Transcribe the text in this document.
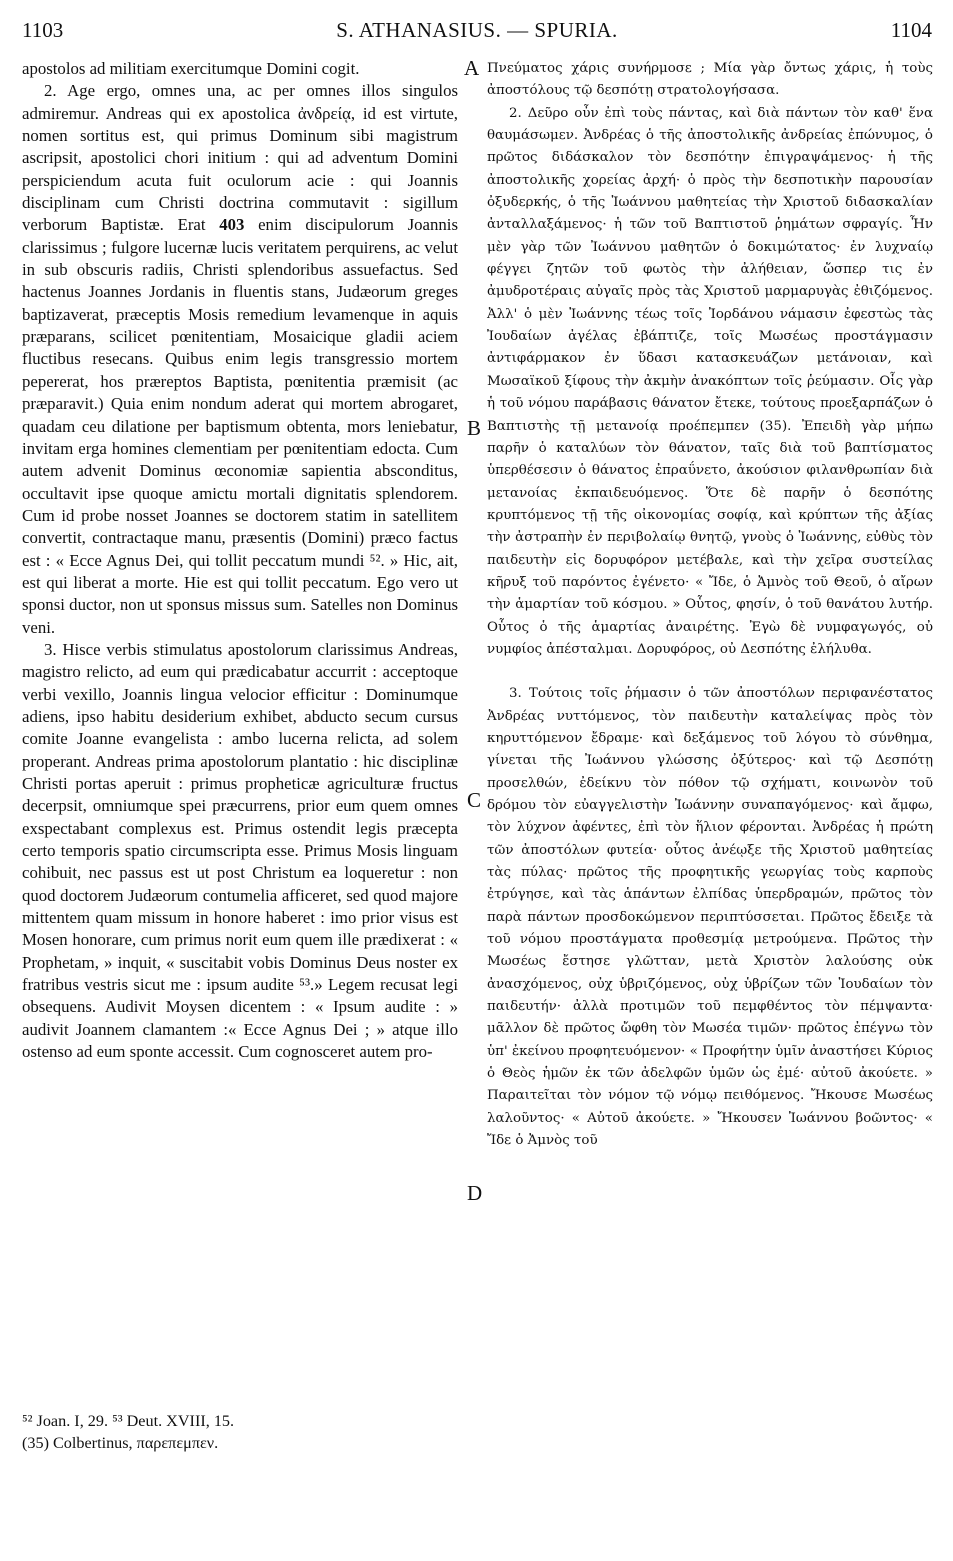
1103	S. ATHANASIUS. — SPURIA.	1104

apostolos ad militiam exercitumque Domini cogit.

2. Age ergo, omnes una, ac per omnes illos singulos admiremur. Andreas qui ex apostolica ἀνδρείᾳ, id est virtute, nomen sortitus est, qui primus Dominum sibi magistrum ascripsit, apostolici chori initium : qui ad adventum Domini perspiciendum acuta fuit oculorum acie : qui Joannis disciplinam cum Christi doctrina commutavit : sigillum verborum Baptistæ. Erat 403 enim discipulorum Joannis clarissimus ; fulgore lucernæ lucis veritatem perquirens, ac velut in sub obscuris radiis, Christi splendoribus assuefactus. Sed hactenus Joannes Jordanis in fluentis stans, Judæorum greges baptizaverat, præceptis Mosis remedium levamenque in aquis præparans, scilicet pœnitentiam, Mosaicique gladii aciem fluctibus resecans. Quibus enim legis transgressio mortem pepererat, hos præreptos Baptista, pœnitentia præmisit (ac præparavit.) Quia enim nondum aderat qui mortem abrogaret, quadam ceu dilatione per baptismum obtenta, mors leniebatur, invitam erga homines clementiam per pœnitentiam edocta. Cum autem advenit Dominus œconomiæ sapientia absconditus, occultavit ipse quoque amictu mortali dignitatis splendorem. Cum id probe nosset Joannes se doctorem statim in satellitem convertit, contractaque manu, præsentis (Domini) præco factus est : « Ecce Agnus Dei, qui tollit peccatum mundi ⁵². » Hic, ait, est qui liberat a morte. Hie est qui tollit peccatum. Ego vero ut sponsi ductor, non ut sponsus missus sum. Satelles non Dominus veni.

3. Hisce verbis stimulatus apostolorum clarissimus Andreas, magistro relicto, ad eum qui prædicabatur accurrit : acceptoque verbi vexillo, Joannis lingua velocior efficitur : Dominumque adiens, ipso habitu desiderium exhibet, abducto secum cursus comite Joanne evangelista : ambo lucerna relicta, ad solem properant. Andreas prima apostolorum plantatio : hic disciplinæ Christi portas aperuit : primus propheticæ agriculturæ fructus decerpsit, omniumque spei præcurrens, prior eum quem omnes exspectabant complexus est. Primus ostendit legis præcepta certo temporis spatio circumscripta esse. Primus Mosis linguam cohibuit, nec passus est ut post Christum ea loqueretur : non quod doctorem Judæorum contumelia afficeret, sed quod majore mittentem quam missum in honore haberet : imo prior visus est Mosen honorare, cum primus norit eum quem ille prædixerat : « Prophetam, » inquit, « suscitabit vobis Dominus Deus noster ex fratribus vestris sicut me : ipsum audite ⁵³.» Legem recusat legi obsequens. Audivit Moysen dicentem : « Ipsum audite : » audivit Joannem clamantem :« Ecce Agnus Dei ; » atque illo ostenso ad eum sponte accessit. Cum cognosceret autem pro-

Πνεύματος χάρις συνήρμοσε ; Μία γὰρ ὄντως χάρις, ἡ τοὺς ἀποστόλους τῷ δεσπότῃ στρατολογήσασα.

2. Δεῦρο οὖν ἐπὶ τοὺς πάντας, καὶ διὰ πάντων τὸν καθ' ἕνα θαυμάσωμεν. Ἀνδρέας ὁ τῆς ἀποστολικῆς ἀνδρείας ἐπώνυμος, ὁ πρῶτος διδάσκαλον τὸν δεσπότην ἐπιγραψάμενος· ἡ τῆς ἀποστολικῆς χορείας ἀρχή· ὁ πρὸς τὴν δεσποτικὴν παρουσίαν ὀξυδερκής, ὁ τῆς Ἰωάννου μαθητείας τὴν Χριστοῦ διδασκαλίαν ἀνταλλαξάμενος· ἡ τῶν τοῦ Βαπτιστοῦ ῥημάτων σφραγίς. Ἦν μὲν γὰρ τῶν Ἰωάννου μαθητῶν ὁ δοκιμώτατος· ἐν λυχναίῳ φέγγει ζητῶν τοῦ φωτὸς τὴν ἀλήθειαν, ὥσπερ τις ἐν ἀμυδροτέραις αὐγαῖς πρὸς τὰς Χριστοῦ μαρμαρυγὰς ἐθιζόμενος. Ἀλλ' ὁ μὲν Ἰωάννης τέως τοῖς Ἰορδάνου νάμασιν ἐφεστὼς τὰς Ἰουδαίων ἀγέλας ἐβάπτιζε, τοῖς Μωσέως προστάγμασιν ἀντιφάρμακον ἐν ὕδασι κατασκευάζων μετάνοιαν, καὶ Μωσαϊκοῦ ξίφους τὴν ἀκμὴν ἀνακόπτων τοῖς ῥεύμασιν. Οἷς γὰρ ἡ τοῦ νόμου παράβασις θάνατον ἔτεκε, τούτους προεξαρπάζων ὁ Βαπτιστὴς τῇ μετανοίᾳ προέπεμπεν (35). Ἐπειδὴ γὰρ μήπω παρῆν ὁ καταλύων τὸν θάνατον, ταῖς διὰ τοῦ βαπτίσματος ὑπερθέσεσιν ὁ θάνατος ἐπραΰνετο, ἀκούσιον φιλανθρωπίαν διὰ μετανοίας ἐκπαιδευόμενος. Ὅτε δὲ παρῆν ὁ δεσπότης κρυπτόμενος τῇ τῆς οἰκονομίας σοφίᾳ, καὶ κρύπτων τῆς ἀξίας τὴν ἀστραπὴν ἐν περιβολαίῳ θνητῷ, γνοὺς ὁ Ἰωάννης, εὐθὺς τὸν παιδευτὴν εἰς δορυφόρον μετέβαλε, καὶ τὴν χεῖρα συστείλας κῆρυξ τοῦ παρόντος ἐγένετο· « Ἴδε, ὁ Ἀμνὸς τοῦ Θεοῦ, ὁ αἴρων τὴν ἁμαρτίαν τοῦ κόσμου. » Οὗτος, φησίν, ὁ τοῦ θανάτου λυτήρ. Οὗτος ὁ τῆς ἁμαρτίας ἀναιρέτης. Ἐγὼ δὲ νυμφαγωγός, οὐ νυμφίος ἀπέσταλμαι. Δορυφόρος, οὐ Δεσπότης ἐλήλυθα.

3. Τούτοις τοῖς ῥήμασιν ὁ τῶν ἀποστόλων περιφανέστατος Ἀνδρέας νυττόμενος, τὸν παιδευτὴν καταλείψας πρὸς τὸν κηρυττόμενον ἔδραμε· καὶ δεξάμενος τοῦ λόγου τὸ σύνθημα, γίνεται τῆς Ἰωάννου γλώσσης ὀξύτερος· καὶ τῷ Δεσπότῃ προσελθών, ἐδείκνυ τὸν πόθον τῷ σχήματι, κοινωνὸν τοῦ δρόμου τὸν εὐαγγελιστὴν Ἰωάννην συναπαγόμενος· καὶ ἄμφω, τὸν λύχνον ἀφέντες, ἐπὶ τὸν ἥλιον φέρονται. Ἀνδρέας ἡ πρώτη τῶν ἀποστόλων φυτεία· οὗτος ἀνέῳξε τῆς Χριστοῦ μαθητείας τὰς πύλας· πρῶτος τῆς προφητικῆς γεωργίας τοὺς καρποὺς ἐτρύγησε, καὶ τὰς ἁπάντων ἐλπίδας ὑπερδραμών, πρῶτος τὸν παρὰ πάντων προσδοκώμενον περιπτύσσεται. Πρῶτος ἔδειξε τὰ τοῦ νόμου προστάγματα προθεσμίᾳ μετρούμενα. Πρῶτος τὴν Μωσέως ἔστησε γλῶτταν, μετὰ Χριστὸν λαλούσης οὐκ ἀνασχόμενος, οὐχ ὑβριζόμενος, οὐχ ὑβρίζων τῶν Ἰουδαίων τὸν παιδευτήν· ἀλλὰ προτιμῶν τοῦ πεμφθέντος τὸν πέμψαντα· μᾶλλον δὲ πρῶτος ὤφθη τὸν Μωσέα τιμῶν· πρῶτος ἐπέγνω τὸν ὑπ' ἐκείνου προφητευόμενον· « Προφήτην ὑμῖν ἀναστήσει Κύριος ὁ Θεὸς ἡμῶν ἐκ τῶν ἀδελφῶν ὑμῶν ὡς ἐμέ· αὐτοῦ ἀκούετε. » Παραιτεῖται τὸν νόμον τῷ νόμῳ πειθόμενος. Ἤκουσε Μωσέως λαλοῦντος· « Αὐτοῦ ἀκούετε. » Ἤκουσεν Ἰωάννου βοῶντος· « Ἴδε ὁ Ἀμνὸς τοῦ

A
B
C
D

⁵² Joan. I, 29. ⁵³ Deut. XVIII, 15.

(35) Colbertinus, παρεπεμπεν.
